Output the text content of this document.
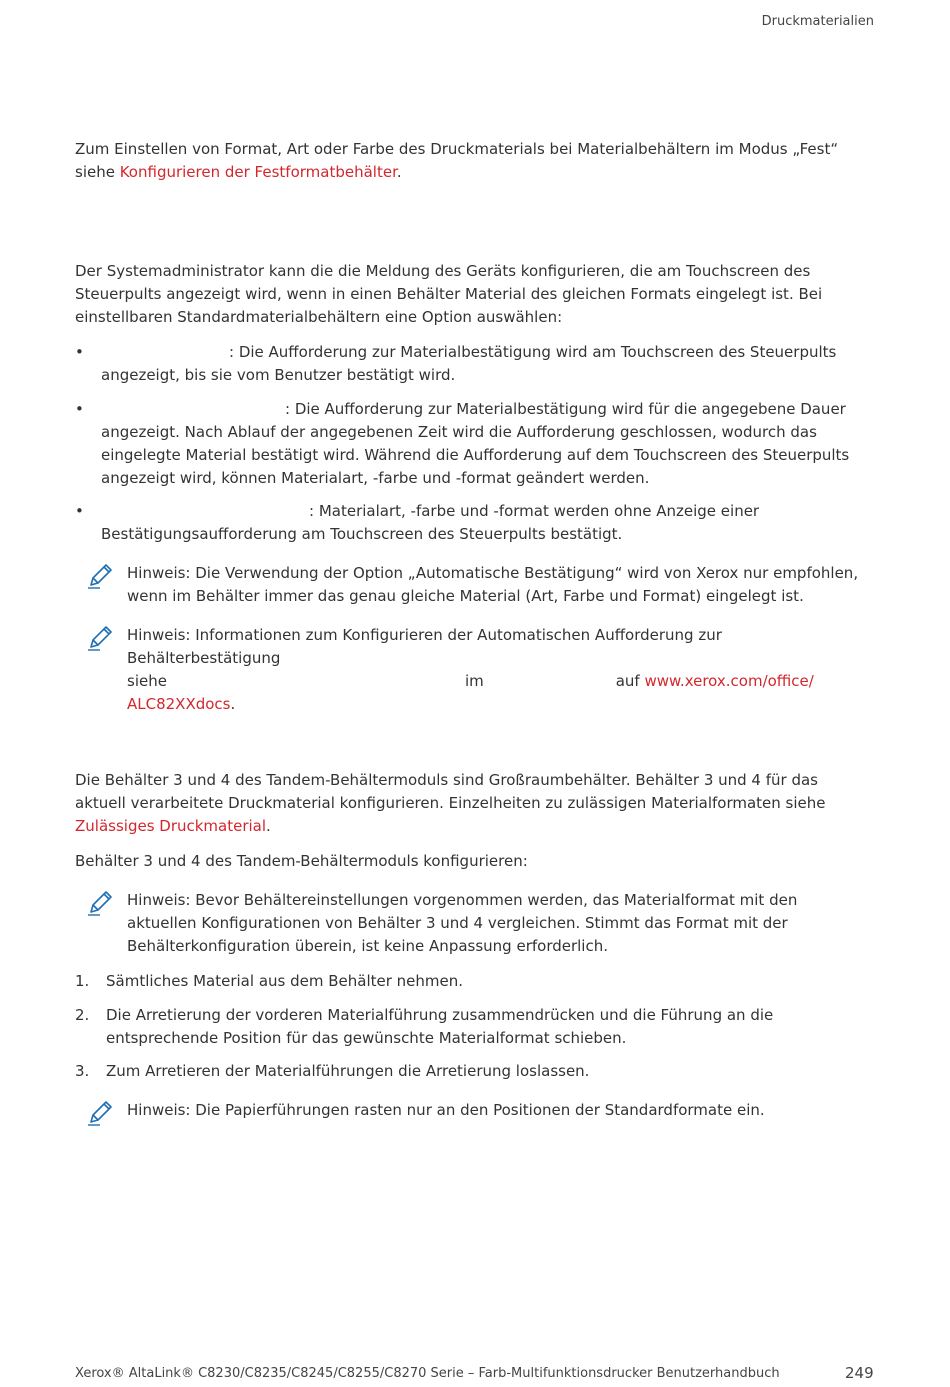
Druckmaterialien

Zum Einstellen von Format, Art oder Farbe des Druckmaterials bei Materialbehältern im Modus „Fest“ siehe Konfigurieren der Festformatbehälter.

Der Systemadministrator kann die die Meldung des Geräts konfigurieren, die am Touchscreen des Steuerpults angezeigt wird, wenn in einen Behälter Material des gleichen Formats eingelegt ist. Bei einstellbaren Standardmaterialbehältern eine Option auswählen:

•	: Die Aufforderung zur Materialbestätigung wird am Touchscreen des Steuerpults angezeigt, bis sie vom Benutzer bestätigt wird.
•	: Die Aufforderung zur Materialbestätigung wird für die angegebene Dauer angezeigt. Nach Ablauf der angegebenen Zeit wird die Aufforderung geschlossen, wodurch das eingelegte Material bestätigt wird. Während die Aufforderung auf dem Touchscreen des Steuerpults angezeigt wird, können Materialart, -farbe und -format geändert werden.
•	: Materialart, -farbe und -format werden ohne Anzeige einer Bestätigungsaufforderung am Touchscreen des Steuerpults bestätigt.
Hinweis: Die Verwendung der Option „Automatische Bestätigung“ wird von Xerox nur empfohlen, wenn im Behälter immer das genau gleiche Material (Art, Farbe und Format) eingelegt ist.
Hinweis: Informationen zum Konfigurieren der Automatischen Aufforderung zur Behälterbestätigung
siehe	im	auf www.xerox.com/office/
ALC82XXdocs.

Die Behälter 3 und 4 des Tandem-Behältermoduls sind Großraumbehälter. Behälter 3 und 4 für das aktuell verarbeitete Druckmaterial konfigurieren. Einzelheiten zu zulässigen Materialformaten siehe Zulässiges Druckmaterial.

Behälter 3 und 4 des Tandem-Behältermoduls konfigurieren:

Hinweis: Bevor Behältereinstellungen vorgenommen werden, das Materialformat mit den aktuellen Konfigurationen von Behälter 3 und 4 vergleichen. Stimmt das Format mit der Behälterkonfiguration überein, ist keine Anpassung erforderlich.
1.	Sämtliches Material aus dem Behälter nehmen.
2.	Die Arretierung der vorderen Materialführung zusammendrücken und die Führung an die entsprechende Position für das gewünschte Materialformat schieben.
3.	Zum Arretieren der Materialführungen die Arretierung loslassen.
Hinweis: Die Papierführungen rasten nur an den Positionen der Standardformate ein.
Xerox® AltaLink® C8230/C8235/C8245/C8255/C8270 Serie – Farb-Multifunktionsdrucker Benutzerhandbuch	249
